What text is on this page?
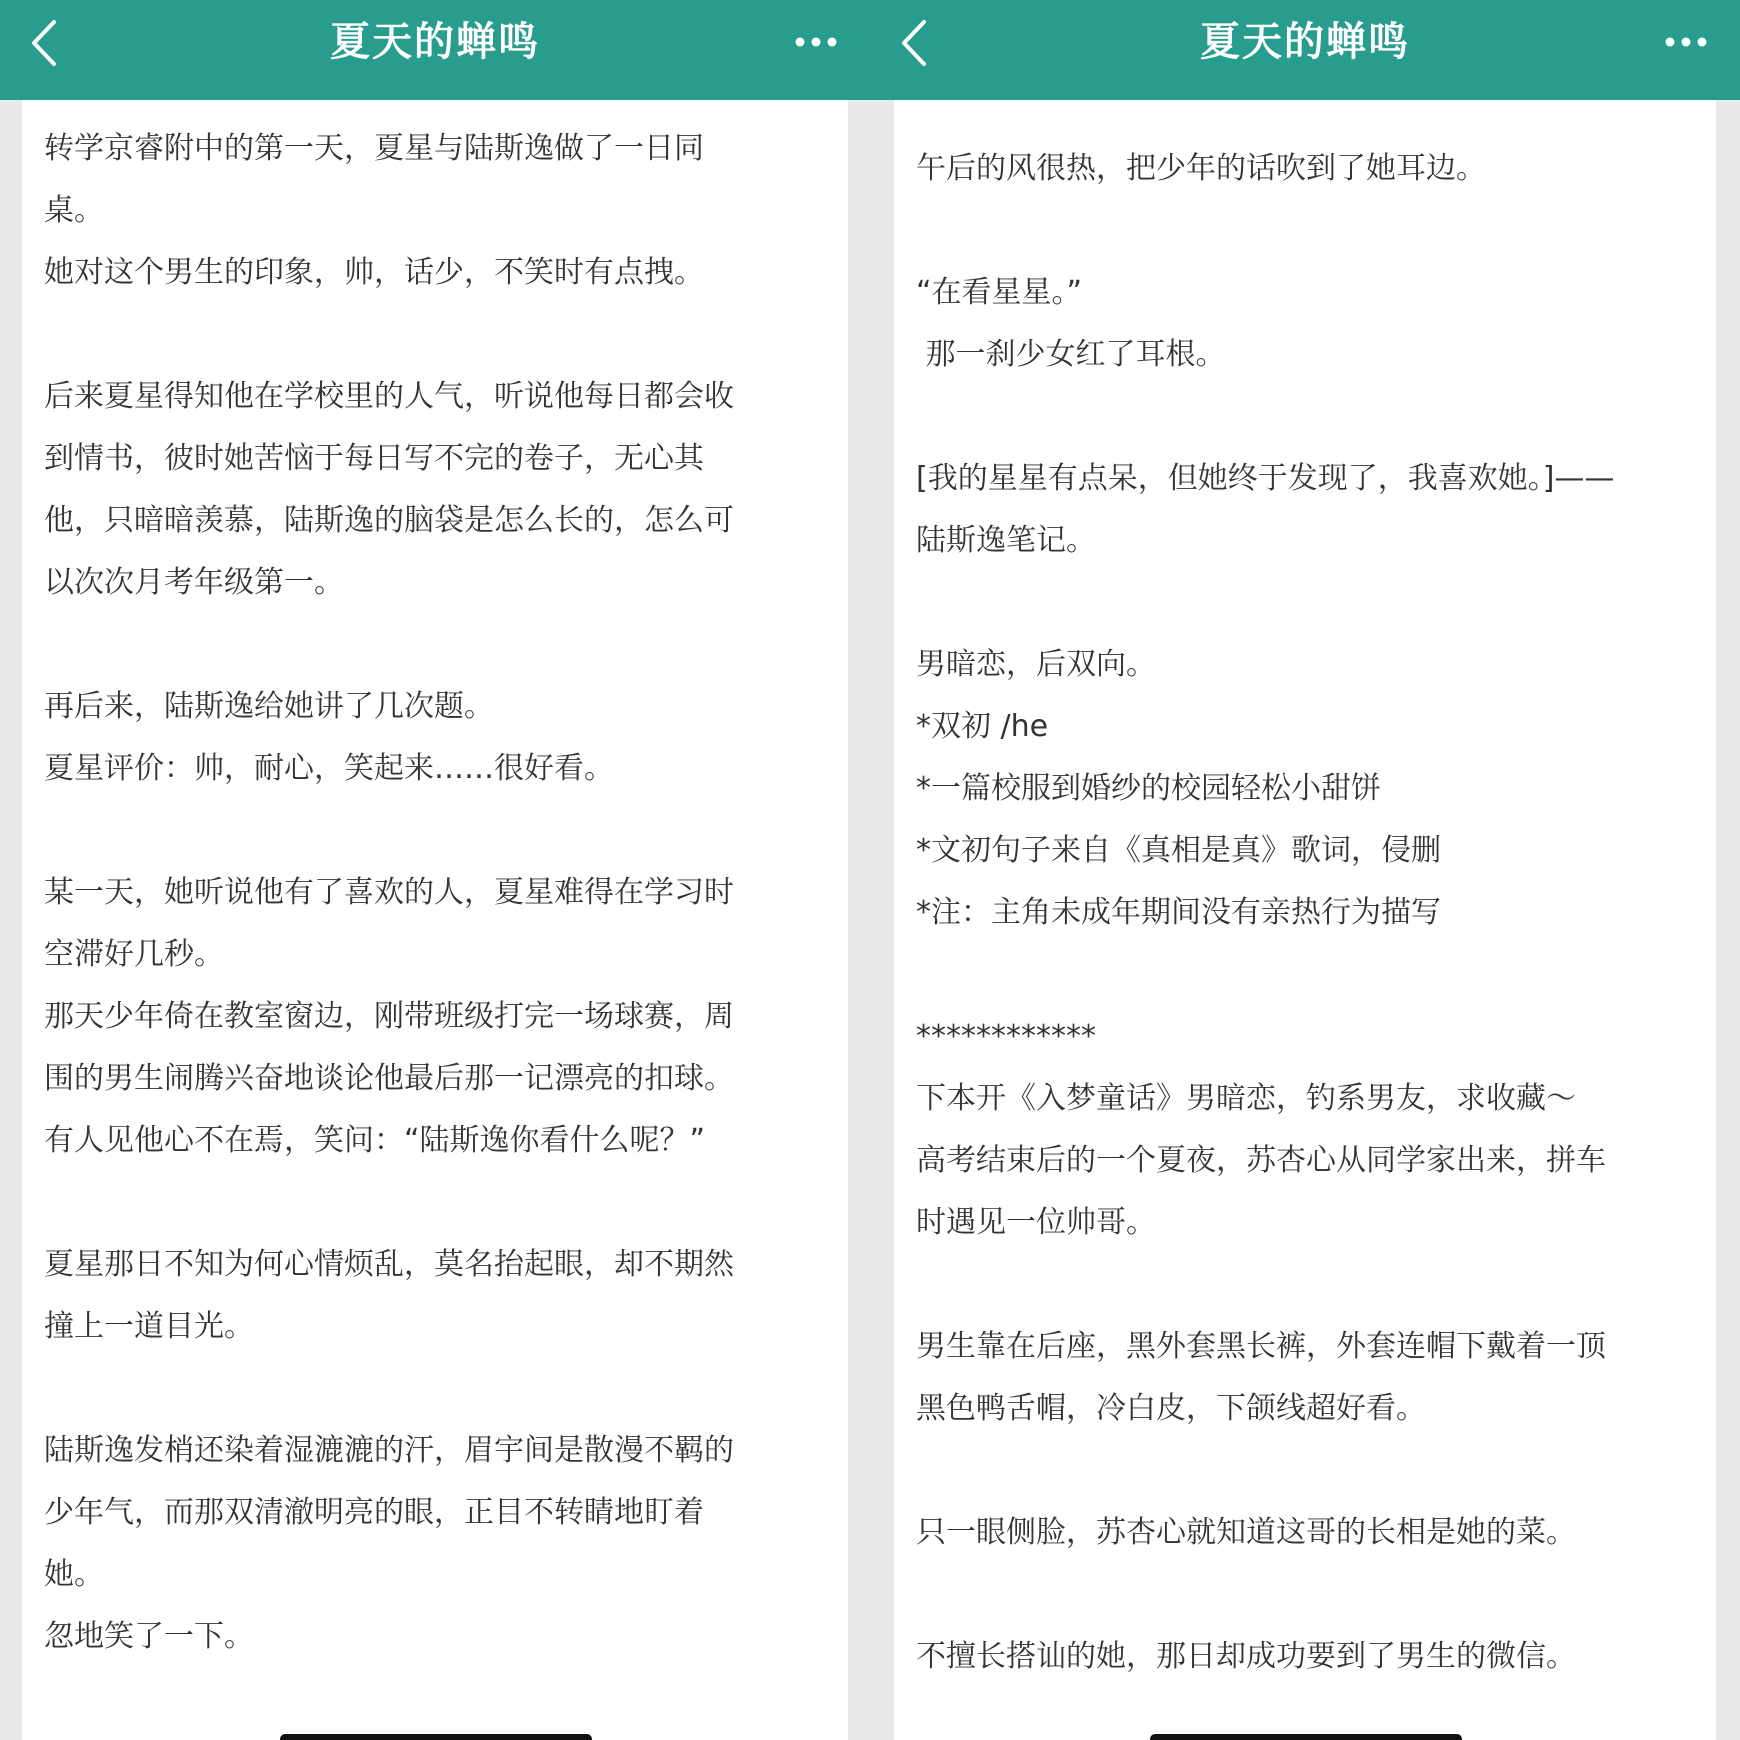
夏天的蝉鸣

转学京睿附中的第一天，夏星与陆斯逸做了一日同
桌。
她对这个男生的印象，帅，话少，不笑时有点拽。

后来夏星得知他在学校里的人气，听说他每日都会收
到情书，彼时她苦恼于每日写不完的卷子，无心其
他，只暗暗羡慕，陆斯逸的脑袋是怎么长的，怎么可
以次次月考年级第一。

再后来，陆斯逸给她讲了几次题。
夏星评价：帅，耐心，笑起来……很好看。

某一天，她听说他有了喜欢的人，夏星难得在学习时
空滞好几秒。
那天少年倚在教室窗边，刚带班级打完一场球赛，周
围的男生闹腾兴奋地谈论他最后那一记漂亮的扣球。
有人见他心不在焉，笑问：“陆斯逸你看什么呢？”

夏星那日不知为何心情烦乱，莫名抬起眼，却不期然
撞上一道目光。

陆斯逸发梢还染着湿漉漉的汗，眉宇间是散漫不羁的
少年气，而那双清澈明亮的眼，正目不转睛地盯着
她。
忽地笑了一下。

夏天的蝉鸣

午后的风很热，把少年的话吹到了她耳边。

“在看星星。”
那一刹少女红了耳根。

[我的星星有点呆，但她终于发现了，我喜欢她。]——
陆斯逸笔记。

男暗恋，后双向。
*双初 /he
*一篇校服到婚纱的校园轻松小甜饼
*文初句子来自《真相是真》歌词，侵删
*注：主角未成年期间没有亲热行为描写

************
下本开《入梦童话》男暗恋，钓系男友，求收藏～
高考结束后的一个夏夜，苏杏心从同学家出来，拼车
时遇见一位帅哥。

男生靠在后座，黑外套黑长裤，外套连帽下戴着一顶
黑色鸭舌帽，冷白皮，下颌线超好看。

只一眼侧脸，苏杏心就知道这哥的长相是她的菜。

不擅长搭讪的她，那日却成功要到了男生的微信。
